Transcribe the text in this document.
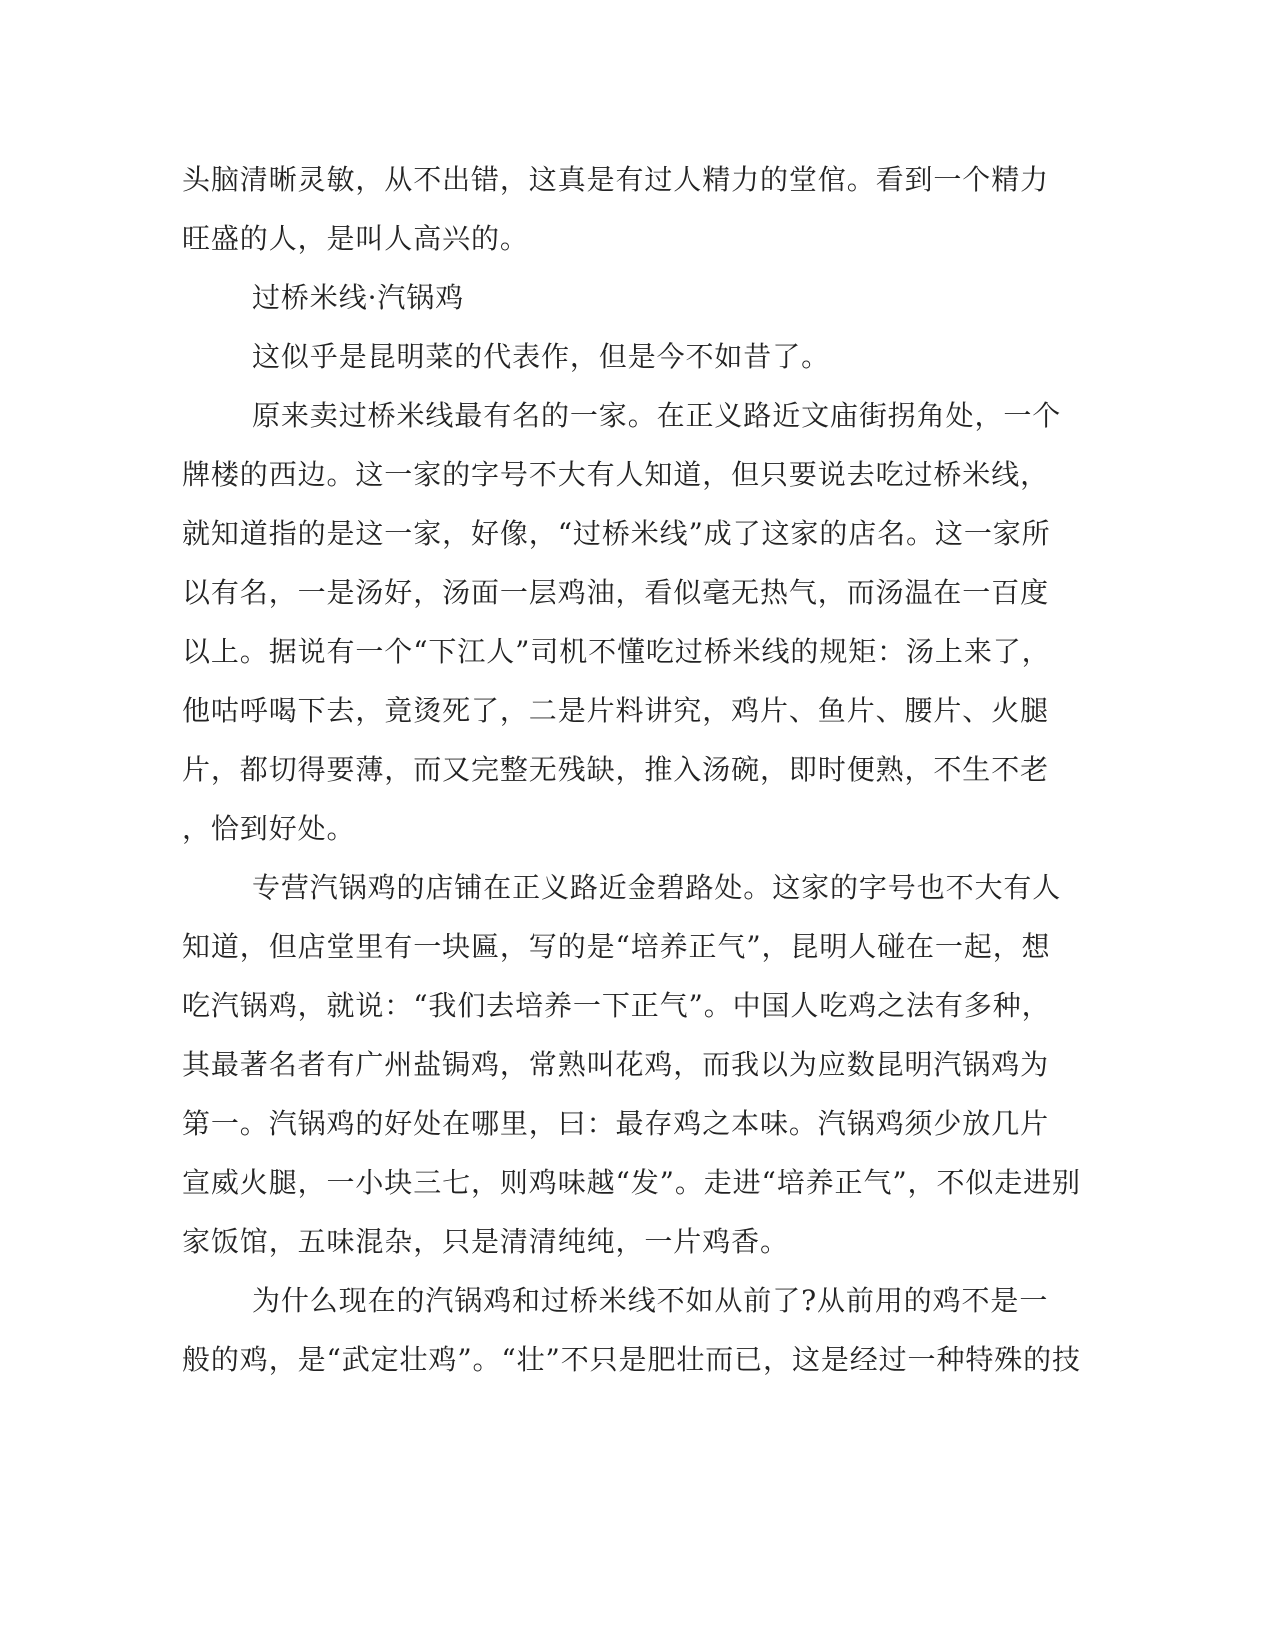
头脑清晰灵敏，从不出错，这真是有过人精力的堂倌。看到一个精力
旺盛的人，是叫人高兴的。
过桥米线·汽锅鸡
这似乎是昆明菜的代表作，但是今不如昔了。
原来卖过桥米线最有名的一家。在正义路近文庙街拐角处，一个
牌楼的西边。这一家的字号不大有人知道，但只要说去吃过桥米线，
就知道指的是这一家，好像，“过桥米线”成了这家的店名。这一家所
以有名，一是汤好，汤面一层鸡油，看似毫无热气，而汤温在一百度
以上。据说有一个“下江人”司机不懂吃过桥米线的规矩：汤上来了，
他咕呼喝下去，竟烫死了，二是片料讲究，鸡片、鱼片、腰片、火腿
片，都切得要薄，而又完整无残缺，推入汤碗，即时便熟，不生不老
，恰到好处。
专营汽锅鸡的店铺在正义路近金碧路处。这家的字号也不大有人
知道，但店堂里有一块匾，写的是“培养正气”，昆明人碰在一起，想
吃汽锅鸡，就说：“我们去培养一下正气”。中国人吃鸡之法有多种，
其最著名者有广州盐锔鸡，常熟叫花鸡，而我以为应数昆明汽锅鸡为
第一。汽锅鸡的好处在哪里，曰：最存鸡之本味。汽锅鸡须少放几片
宣威火腿，一小块三七，则鸡味越“发”。走进“培养正气”，不似走进别
家饭馆，五味混杂，只是清清纯纯，一片鸡香。
为什么现在的汽锅鸡和过桥米线不如从前了?从前用的鸡不是一
般的鸡，是“武定壮鸡”。“壮”不只是肥壮而已，这是经过一种特殊的技
